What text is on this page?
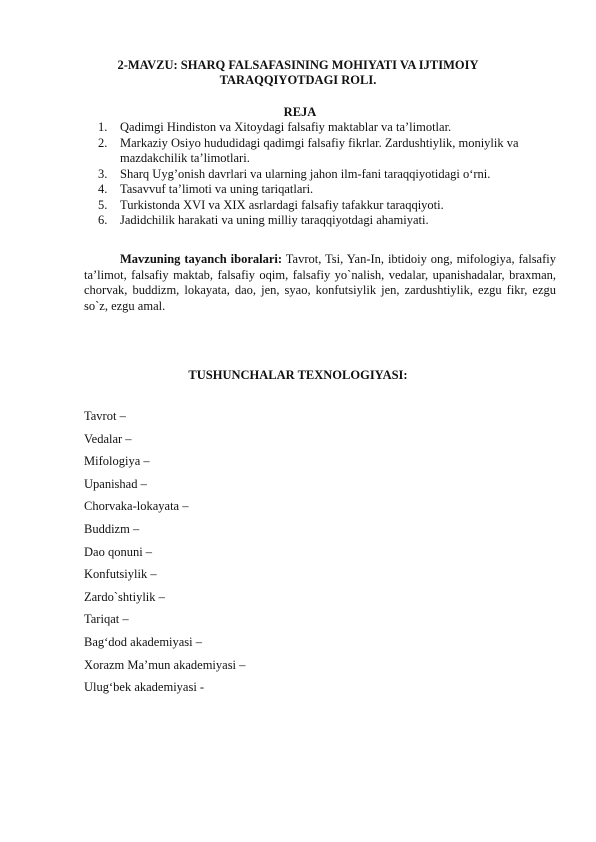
2-MAVZU: SHARQ FALSAFASINING MOHIYATI VA IJTIMOIY
TARAQQIYOTDAGI ROLI.
REJA
1. Qadimgi Hindiston va Xitoydagi falsafiy maktablar va ta’limotlar.
2. Markaziy Osiyo hududidagi qadimgi falsafiy fikrlar. Zardushtiylik, moniylik va mazdakchilik ta’limotlari.
3. Sharq Uyg’onish davrlari va ularning jahon ilm-fani taraqqiyotidagi o‘rni.
4. Tasavvuf ta’limoti va uning tariqatlari.
5. Turkistonda XVI va XIX asrlardagi falsafiy tafakkur taraqqiyoti.
6. Jadidchilik harakati va uning milliy taraqqiyotdagi ahamiyati.

Mavzuning tayanch iboralari: Tavrot, Tsi, Yan-In, ibtidoiy ong, mifologiya, falsafiy ta’limot, falsafiy maktab, falsafiy oqim, falsafiy yo`nalish, vedalar, upanishadalar, braxman, chorvak, buddizm, lokayata, dao, jen, syao, konfutsiylik jen, zardushtiylik, ezgu fikr, ezgu so`z, ezgu amal.

TUSHUNCHALAR TEXNOLOGIYASI:
Tavrot –
Vedalar –
Mifologiya –
Upanishad –
Chorvaka-lokayata –
Buddizm –
Dao qonuni –
Konfutsiylik –
Zardo`shtiylik –
Tariqat –
Bag‘dod akademiyasi –
Xorazm Ma’mun akademiyasi –
Ulug‘bek akademiyasi -
